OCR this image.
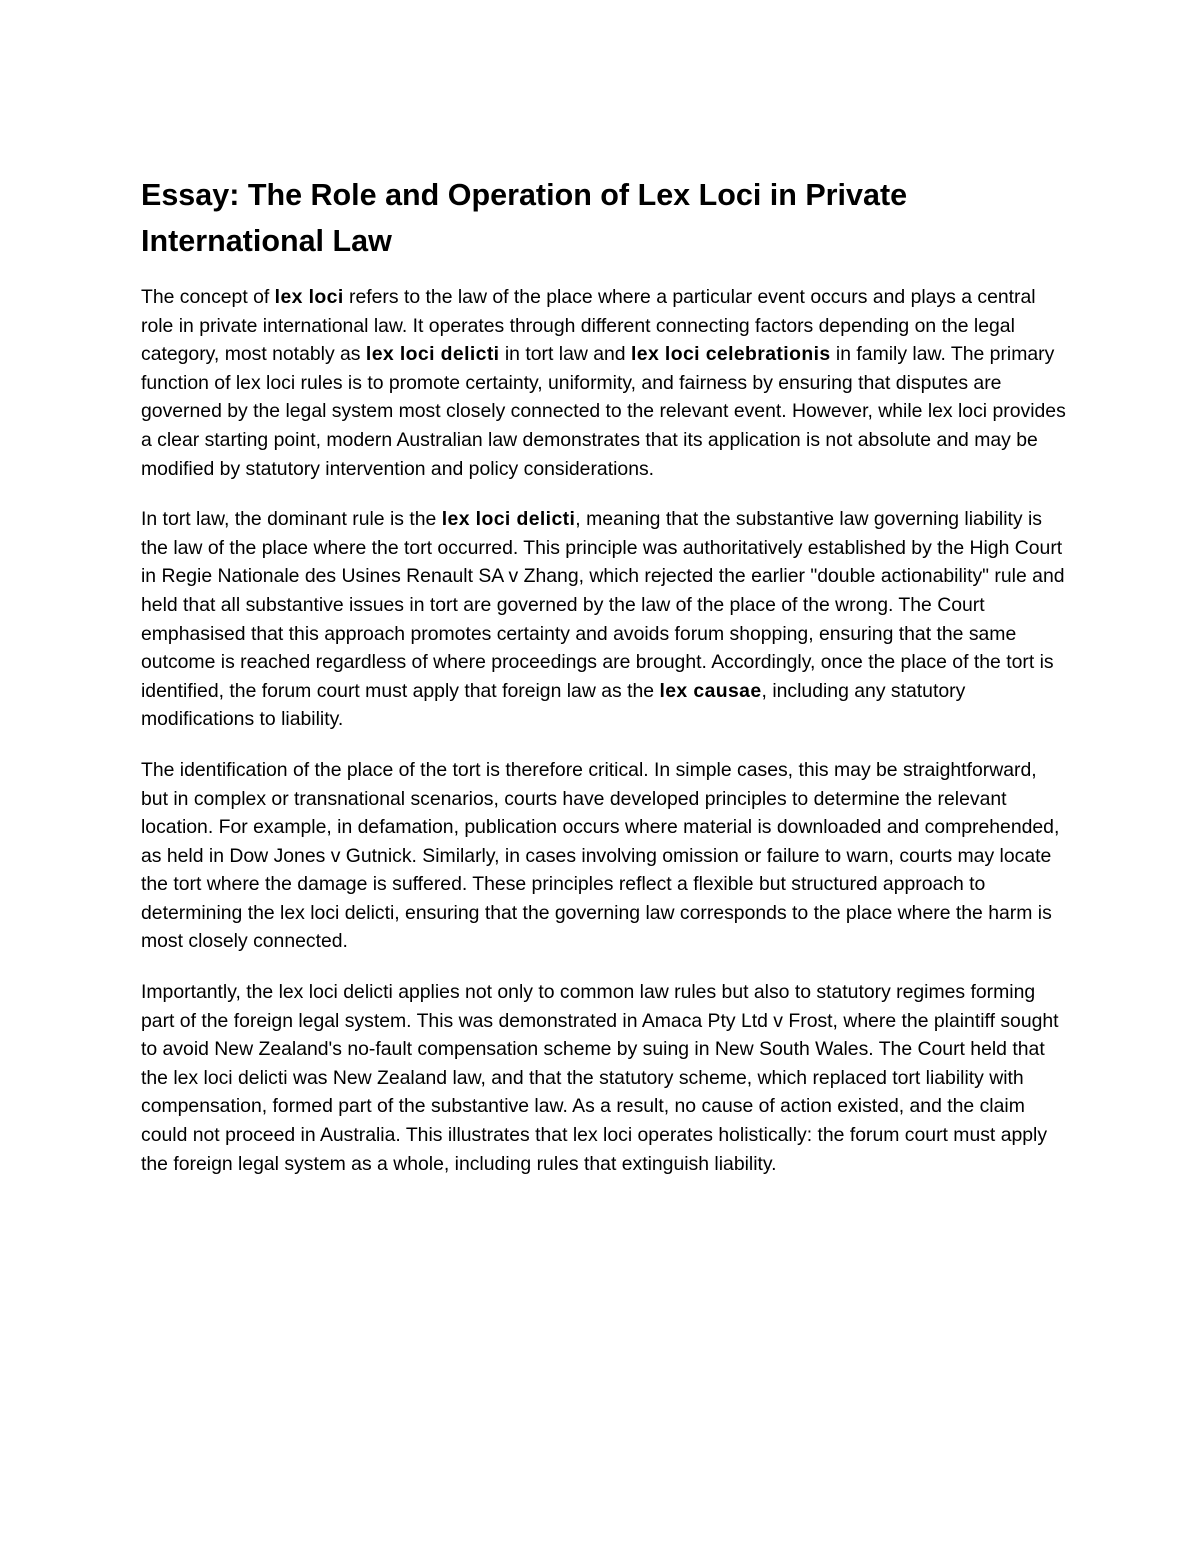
Essay: The Role and Operation of Lex Loci in Private International Law

The concept of lex loci refers to the law of the place where a particular event occurs and plays a central role in private international law. It operates through different connecting factors depending on the legal category, most notably as lex loci delicti in tort law and lex loci celebrationis in family law. The primary function of lex loci rules is to promote certainty, uniformity, and fairness by ensuring that disputes are governed by the legal system most closely connected to the relevant event. However, while lex loci provides a clear starting point, modern Australian law demonstrates that its application is not absolute and may be modified by statutory intervention and policy considerations.

In tort law, the dominant rule is the lex loci delicti, meaning that the substantive law governing liability is the law of the place where the tort occurred. This principle was authoritatively established by the High Court in Regie Nationale des Usines Renault SA v Zhang, which rejected the earlier "double actionability" rule and held that all substantive issues in tort are governed by the law of the place of the wrong. The Court emphasised that this approach promotes certainty and avoids forum shopping, ensuring that the same outcome is reached regardless of where proceedings are brought. Accordingly, once the place of the tort is identified, the forum court must apply that foreign law as the lex causae, including any statutory modifications to liability.

The identification of the place of the tort is therefore critical. In simple cases, this may be straightforward, but in complex or transnational scenarios, courts have developed principles to determine the relevant location. For example, in defamation, publication occurs where material is downloaded and comprehended, as held in Dow Jones v Gutnick. Similarly, in cases involving omission or failure to warn, courts may locate the tort where the damage is suffered. These principles reflect a flexible but structured approach to determining the lex loci delicti, ensuring that the governing law corresponds to the place where the harm is most closely connected.

Importantly, the lex loci delicti applies not only to common law rules but also to statutory regimes forming part of the foreign legal system. This was demonstrated in Amaca Pty Ltd v Frost, where the plaintiff sought to avoid New Zealand's no-fault compensation scheme by suing in New South Wales. The Court held that the lex loci delicti was New Zealand law, and that the statutory scheme, which replaced tort liability with compensation, formed part of the substantive law. As a result, no cause of action existed, and the claim could not proceed in Australia. This illustrates that lex loci operates holistically: the forum court must apply the foreign legal system as a whole, including rules that extinguish liability.
